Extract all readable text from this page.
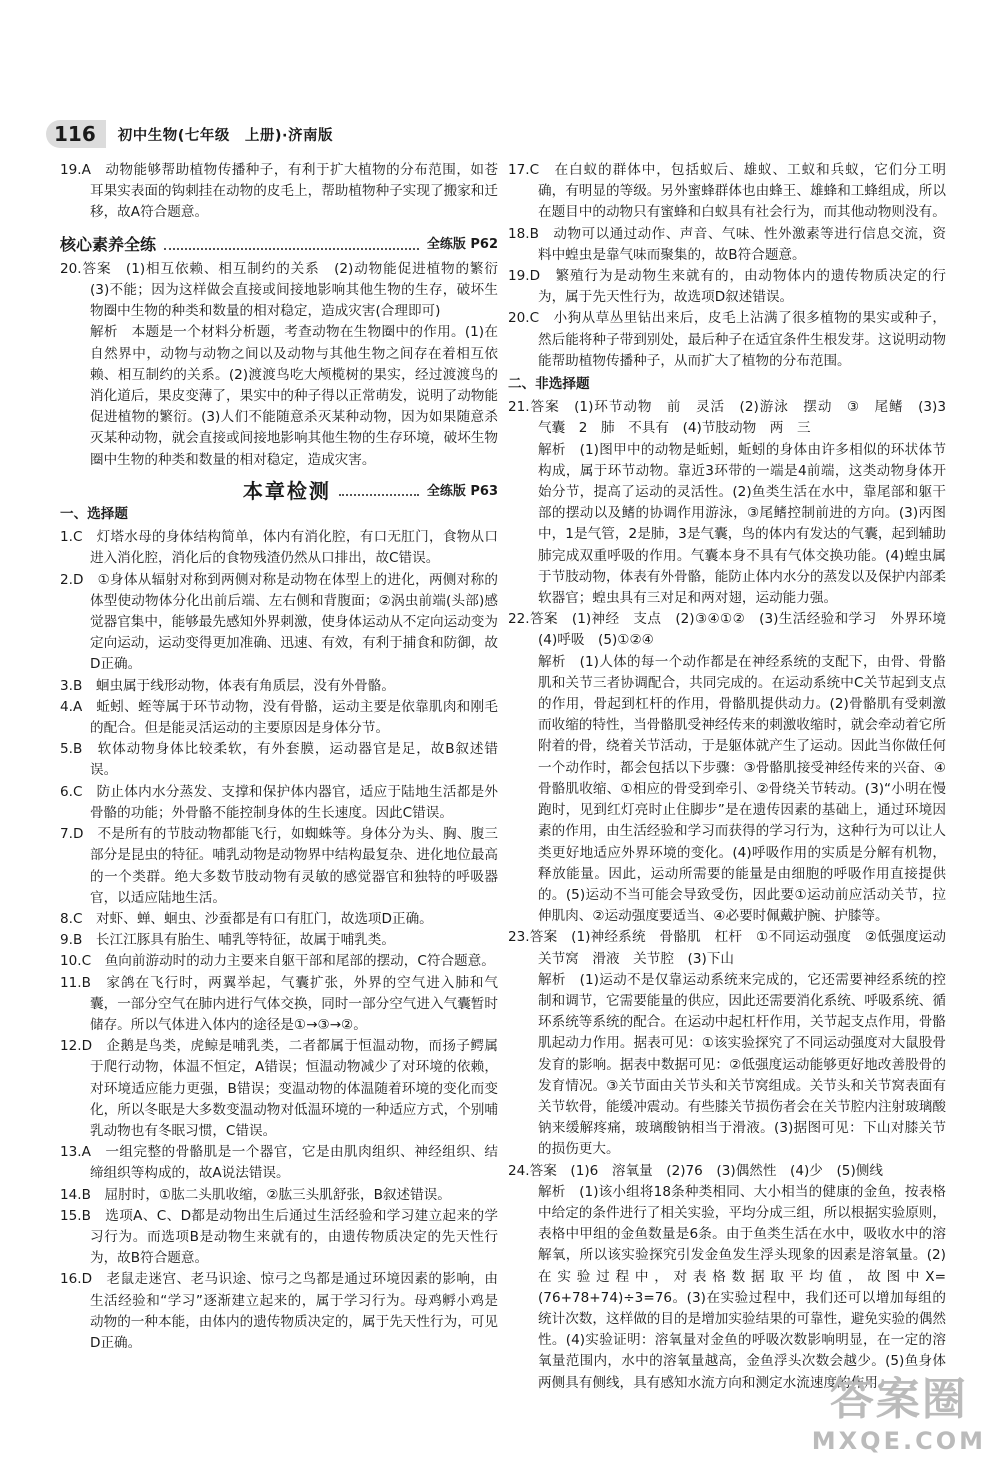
116	初中生物(七年级　上册)·济南版

19.A　动物能够帮助植物传播种子，有利于扩大植物的分布范围，如苍耳果实表面的钩刺挂在动物的皮毛上，帮助植物种子实现了搬家和迁移，故A符合题意。

核心素养全练	全练版 P62

20.答案　(1)相互依赖、相互制约的关系　(2)动物能促进植物的繁衍　(3)不能；因为这样做会直接或间接地影响其他生物的生存，破坏生物圈中生物的种类和数量的相对稳定，造成灾害(合理即可)

解析　本题是一个材料分析题，考查动物在生物圈中的作用。(1)在自然界中，动物与动物之间以及动物与其他生物之间存在着相互依赖、相互制约的关系。(2)渡渡鸟吃大颅榄树的果实，经过渡渡鸟的消化道后，果皮变薄了，果实中的种子得以正常萌发，说明了动物能促进植物的繁衍。(3)人们不能随意杀灭某种动物，因为如果随意杀灭某种动物，就会直接或间接地影响其他生物的生存环境，破坏生物圈中生物的种类和数量的相对稳定，造成灾害。

本章检测	全练版 P63

一、选择题

1.C　灯塔水母的身体结构简单，体内有消化腔，有口无肛门，食物从口进入消化腔，消化后的食物残渣仍然从口排出，故C错误。

2.D　①身体从辐射对称到两侧对称是动物在体型上的进化，两侧对称的体型使动物体分化出前后端、左右侧和背腹面；②涡虫前端(头部)感觉器官集中，能够最先感知外界刺激，使身体运动从不定向运动变为定向运动，运动变得更加准确、迅速、有效，有利于捕食和防御，故D正确。

3.B　蛔虫属于线形动物，体表有角质层，没有外骨骼。

4.A　蚯蚓、蛭等属于环节动物，没有骨骼，运动主要是依靠肌肉和刚毛的配合。但是能灵活运动的主要原因是身体分节。

5.B　软体动物身体比较柔软，有外套膜，运动器官是足，故B叙述错误。

6.C　防止体内水分蒸发、支撑和保护体内器官，适应于陆地生活都是外骨骼的功能；外骨骼不能控制身体的生长速度。因此C错误。

7.D　不是所有的节肢动物都能飞行，如蜘蛛等。身体分为头、胸、腹三部分是昆虫的特征。哺乳动物是动物界中结构最复杂、进化地位最高的一个类群。绝大多数节肢动物有灵敏的感觉器官和独特的呼吸器官，以适应陆地生活。

8.C　对虾、蝉、蛔虫、沙蚕都是有口有肛门，故选项D正确。

9.B　长江江豚具有胎生、哺乳等特征，故属于哺乳类。

10.C　鱼向前游动时的动力主要来自躯干部和尾部的摆动，C符合题意。

11.B　家鸽在飞行时，两翼举起，气囊扩张，外界的空气进入肺和气囊，一部分空气在肺内进行气体交换，同时一部分空气进入气囊暂时储存。所以气体进入体内的途径是①→③→②。

12.D　企鹅是鸟类，虎鲸是哺乳类，二者都属于恒温动物，而扬子鳄属于爬行动物，体温不恒定，A错误；恒温动物减少了对环境的依赖，对环境适应能力更强，B错误；变温动物的体温随着环境的变化而变化，所以冬眠是大多数变温动物对低温环境的一种适应方式，个别哺乳动物也有冬眠习惯，C错误。

13.A　一组完整的骨骼肌是一个器官，它是由肌肉组织、神经组织、结缔组织等构成的，故A说法错误。

14.B　屈肘时，①肱二头肌收缩，②肱三头肌舒张，B叙述错误。

15.B　选项A、C、D都是动物出生后通过生活经验和学习建立起来的学习行为。而选项B是动物生来就有的，由遗传物质决定的先天性行为，故B符合题意。

16.D　老鼠走迷宫、老马识途、惊弓之鸟都是通过环境因素的影响，由生活经验和“学习”逐渐建立起来的，属于学习行为。母鸡孵小鸡是动物的一种本能，由体内的遗传物质决定的，属于先天性行为，可见D正确。

17.C　在白蚁的群体中，包括蚁后、雄蚁、工蚁和兵蚁，它们分工明确，有明显的等级。另外蜜蜂群体也由蜂王、雄蜂和工蜂组成，所以在题目中的动物只有蜜蜂和白蚁具有社会行为，而其他动物则没有。

18.B　动物可以通过动作、声音、气味、性外激素等进行信息交流，资料中蝗虫是靠气味而聚集的，故B符合题意。

19.D　繁殖行为是动物生来就有的，由动物体内的遗传物质决定的行为，属于先天性行为，故选项D叙述错误。

20.C　小狗从草丛里钻出来后，皮毛上沾满了很多植物的果实或种子，然后能将种子带到别处，最后种子在适宜条件生根发芽。这说明动物能帮助植物传播种子，从而扩大了植物的分布范围。

二、非选择题

21.答案　(1)环节动物　前　灵活　(2)游泳　摆动　③　尾鳍　(3)3　气囊　2　肺　不具有　(4)节肢动物　两　三

解析　(1)图甲中的动物是蚯蚓，蚯蚓的身体由许多相似的环状体节构成，属于环节动物。靠近3环带的一端是4前端，这类动物身体开始分节，提高了运动的灵活性。(2)鱼类生活在水中，靠尾部和躯干部的摆动以及鳍的协调作用游泳，③尾鳍控制前进的方向。(3)丙图中，1是气管，2是肺，3是气囊，鸟的体内有发达的气囊，起到辅助肺完成双重呼吸的作用。气囊本身不具有气体交换功能。(4)蝗虫属于节肢动物，体表有外骨骼，能防止体内水分的蒸发以及保护内部柔软器官；蝗虫具有三对足和两对翅，运动能力强。

22.答案　(1)神经　支点　(2)③④①②　(3)生活经验和学习　外界环境　(4)呼吸　(5)①②④

解析　(1)人体的每一个动作都是在神经系统的支配下，由骨、骨骼肌和关节三者协调配合，共同完成的。在运动系统中C关节起到支点的作用，骨起到杠杆的作用，骨骼肌提供动力。(2)骨骼肌有受刺激而收缩的特性，当骨骼肌受神经传来的刺激收缩时，就会牵动着它所附着的骨，绕着关节活动，于是躯体就产生了运动。因此当你做任何一个动作时，都会包括以下步骤：③骨骼肌接受神经传来的兴奋、④骨骼肌收缩、①相应的骨受到牵引、②骨绕关节转动。(3)“小明在慢跑时，见到红灯亮时止住脚步”是在遗传因素的基础上，通过环境因素的作用，由生活经验和学习而获得的学习行为，这种行为可以让人类更好地适应外界环境的变化。(4)呼吸作用的实质是分解有机物，释放能量。因此，运动所需要的能量是由细胞的呼吸作用直接提供的。(5)运动不当可能会导致受伤，因此要①运动前应活动关节，拉伸肌肉、②运动强度要适当、④必要时佩戴护腕、护膝等。

23.答案　(1)神经系统　骨骼肌　杠杆　①不同运动强度　②低强度运动　关节窝　滑液　关节腔　(3)下山

解析　(1)运动不是仅靠运动系统来完成的，它还需要神经系统的控制和调节，它需要能量的供应，因此还需要消化系统、呼吸系统、循环系统等系统的配合。在运动中起杠杆作用，关节起支点作用，骨骼肌起动力作用。据表可见：①该实验探究了不同运动强度对大鼠股骨发育的影响。据表中数据可见：②低强度运动能够更好地改善股骨的发育情况。③关节面由关节头和关节窝组成。关节头和关节窝表面有关节软骨，能缓冲震动。有些膝关节损伤者会在关节腔内注射玻璃酸钠来缓解疼痛，玻璃酸钠相当于滑液。(3)据图可见：下山对膝关节的损伤更大。

24.答案　(1)6　溶氧量　(2)76　(3)偶然性　(4)少　(5)侧线

解析　(1)该小组将18条种类相同、大小相当的健康的金鱼，按表格中给定的条件进行了相关实验，平均分成三组，所以根据实验原则，表格中甲组的金鱼数量是6条。由于鱼类生活在水中，吸收水中的溶解氧，所以该实验探究引发金鱼发生浮头现象的因素是溶氧量。(2)在实验过程中，对表格数据取平均值，故图中X=(76+78+74)÷3=76。(3)在实验过程中，我们还可以增加每组的统计次数，这样做的目的是增加实验结果的可靠性，避免实验的偶然性。(4)实验证明：溶氧量对金鱼的呼吸次数影响明显，在一定的溶氧量范围内，水中的溶氧量越高，金鱼浮头次数会越少。(5)鱼身体两侧具有侧线，具有感知水流方向和测定水流速度的作用。

答案圈
MXQE.COM
